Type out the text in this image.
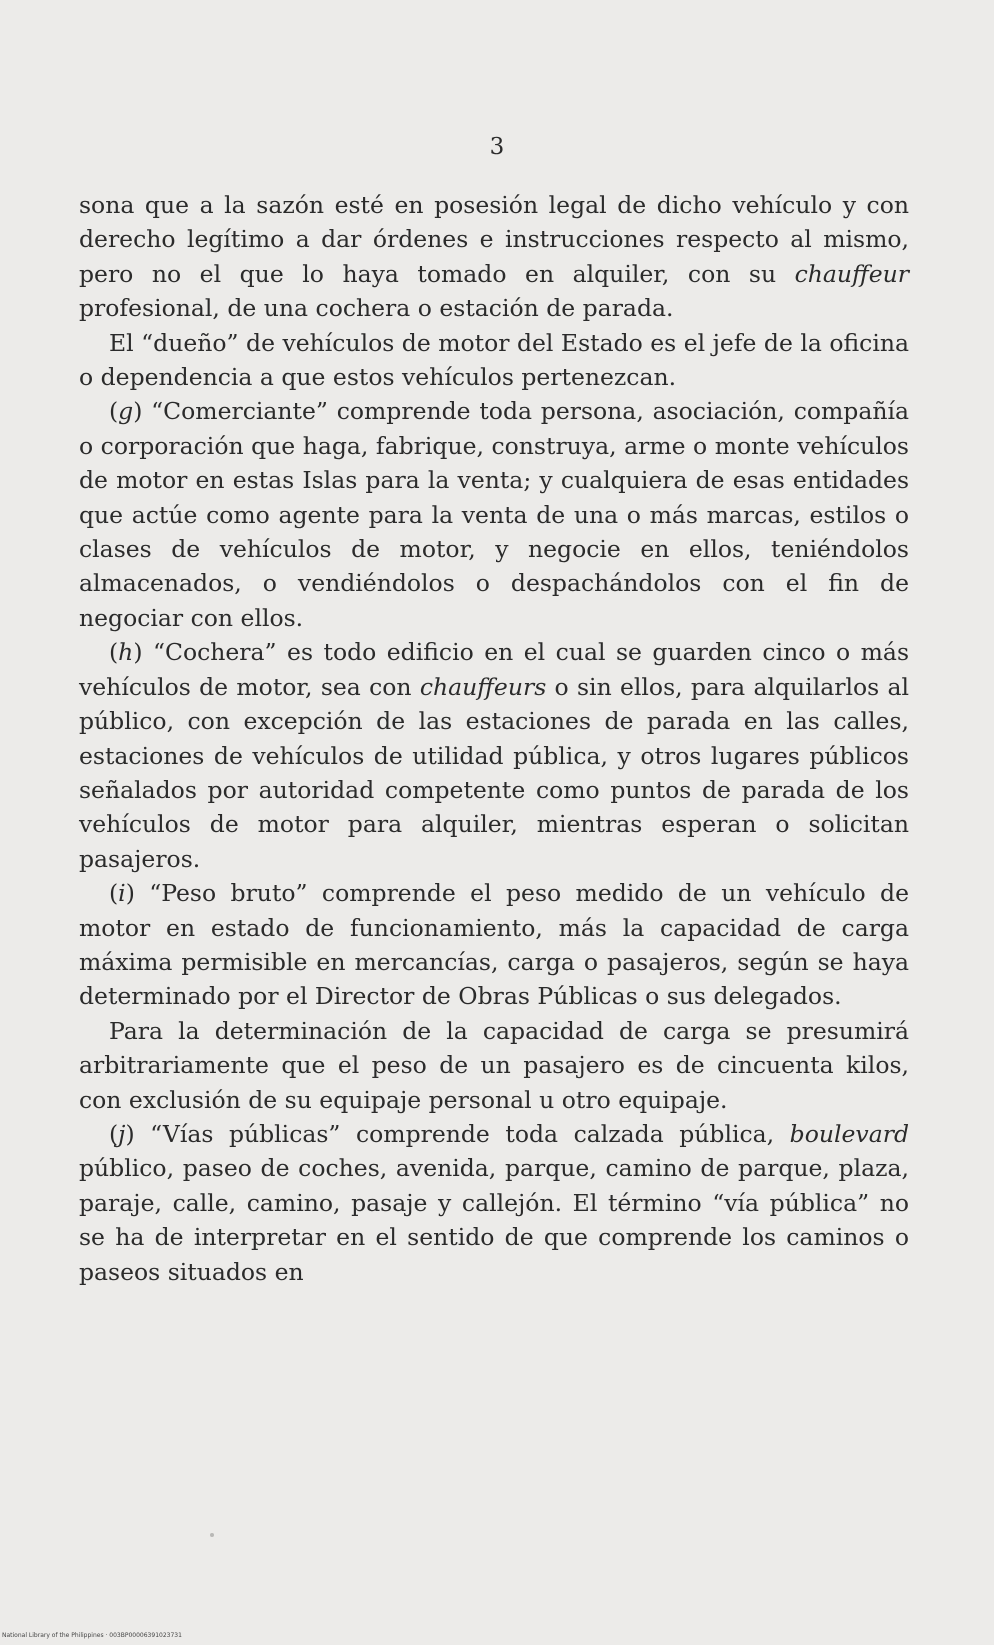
3

sona que a la sazón esté en posesión legal de dicho vehículo y con derecho legítimo a dar órdenes e instrucciones respecto al mismo, pero no el que lo haya tomado en alquiler, con su chauffeur profesional, de una cochera o estación de parada.

El “dueño” de vehículos de motor del Estado es el jefe de la oficina o dependencia a que estos vehículos pertenezcan.

(g) “Comerciante” comprende toda persona, asociación, compañía o corporación que haga, fabrique, construya, arme o monte vehículos de motor en estas Islas para la venta; y cualquiera de esas entidades que actúe como agente para la venta de una o más marcas, estilos o clases de vehículos de motor, y negocie en ellos, teniéndolos almacenados, o vendiéndolos o despachándolos con el fin de negociar con ellos.

(h) “Cochera” es todo edificio en el cual se guarden cinco o más vehículos de motor, sea con chauffeurs o sin ellos, para alquilarlos al público, con excepción de las estaciones de parada en las calles, estaciones de vehículos de utilidad pública, y otros lugares públicos señalados por autoridad competente como puntos de parada de los vehículos de motor para alquiler, mientras esperan o solicitan pasajeros.

(i) “Peso bruto” comprende el peso medido de un vehículo de motor en estado de funcionamiento, más la capacidad de carga máxima permisible en mercancías, carga o pasajeros, según se haya determinado por el Director de Obras Públicas o sus delegados.

Para la determinación de la capacidad de carga se presumirá arbitrariamente que el peso de un pasajero es de cincuenta kilos, con exclusión de su equipaje personal u otro equipaje.

(j) “Vías públicas” comprende toda calzada pública, boulevard público, paseo de coches, avenida, parque, camino de parque, plaza, paraje, calle, camino, pasaje y callejón. El término “vía pública” no se ha de interpretar en el sentido de que comprende los caminos o paseos situados en

National Library of the Philippines · 003BP00006391023731
